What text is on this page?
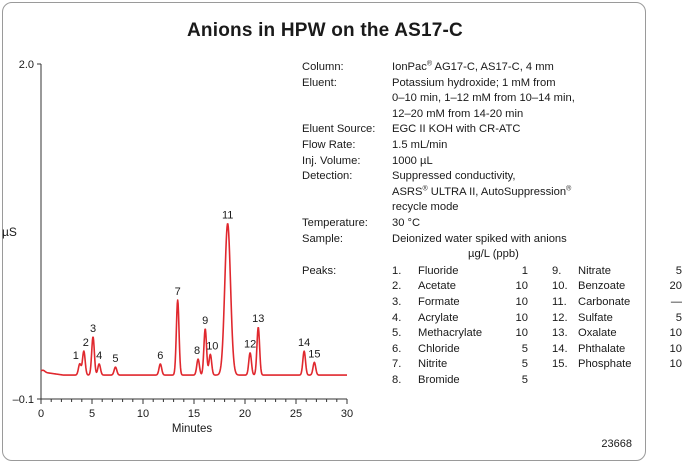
Anions in HPW on the AS17-C
µS
2.0
–0.1
0	5	10	15	20	25	30
Minutes
1
2
3
4 5	6
7
8
9
10
11
12
13
14
15
Column:	IonPac® AG17-C, AS17-C, 4 mm
Eluent:	Potassium hydroxide; 1 mM from
0–10 min, 1–12 mM from 10–14 min,
12–20 mM from 14-20 min
Eluent Source:	EGC II KOH with CR-ATC
Flow Rate:	1.5 mL/min
Inj. Volume:	1000 µL
Detection:	Suppressed conductivity,
ASRS® ULTRA II, AutoSuppression®
recycle mode
Temperature:	30 °C
Sample:	Deionized water spiked with anions
µg/L (ppb)
Peaks:	1.	Fluoride	1
2.	Acetate	10
3.	Formate	10
4.	Acrylate	10
5.	Methacrylate	10
6.	Chloride	5
7.	Nitrite	5
8.	Bromide	5
9.	Nitrate	5
10. Benzoate	20
11.	Carbonate	—
12. Sulfate	5
13. Oxalate	10
14. Phthalate	10
15. Phosphate	10
23668
